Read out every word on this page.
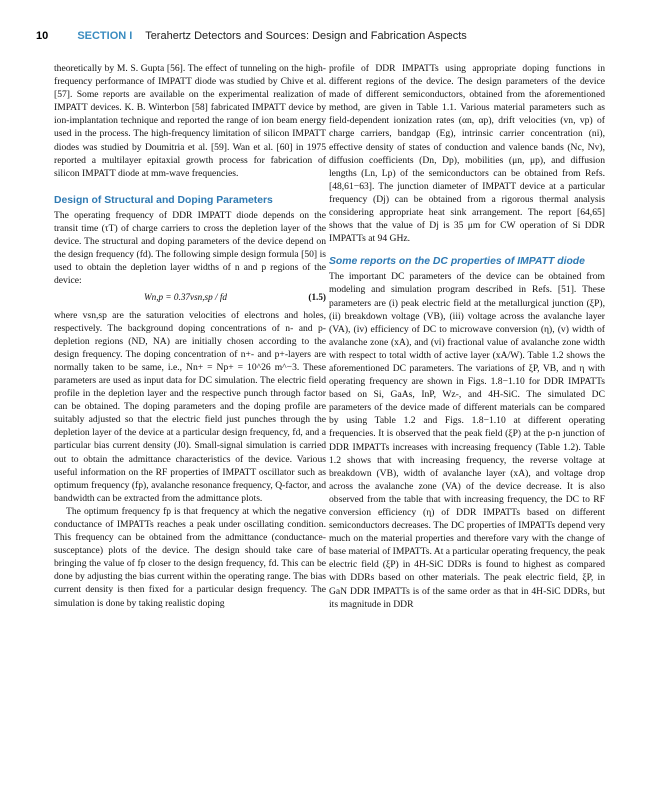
10	SECTION I Terahertz Detectors and Sources: Design and Fabrication Aspects

theoretically by M. S. Gupta [56]. The effect of tunneling on the high-frequency performance of IMPATT diode was studied by Chive et al. [57]. Some reports are available on the experimental realization of IMPATT devices. K. B. Winterbon [58] fabricated IMPATT device by ion-implantation technique and reported the range of ion beam energy used in the process. The high-frequency limitation of silicon IMPATT diodes was studied by Doumitria et al. [59]. Wan et al. [60] in 1975 reported a multilayer epitaxial growth process for fabrication of silicon IMPATT diode at mm-wave frequencies.

Design of Structural and Doping Parameters

The operating frequency of DDR IMPATT diode depends on the transit time (τT) of charge carriers to cross the depletion layer of the device. The structural and doping parameters of the device depend on the design frequency (fd). The following simple design formula [50] is used to obtain the depletion layer widths of n and p regions of the device:

Wn,p = 0.37vsn,sp / fd	(1.5)

where vsn,sp are the saturation velocities of electrons and holes, respectively. The background doping concentrations of n- and p-depletion regions (ND, NA) are initially chosen according to the design frequency. The doping concentration of n+- and p+-layers are normally taken to be same, i.e., Nn+ = Np+ = 10^26 m^−3. These parameters are used as input data for DC simulation. The electric field profile in the depletion layer and the respective punch through factor can be obtained. The doping parameters and the doping profile are suitably adjusted so that the electric field just punches through the depletion layer of the device at a particular design frequency, fd, and a particular bias current density (J0). Small-signal simulation is carried out to obtain the admittance characteristics of the device. Various useful information on the RF properties of IMPATT oscillator such as optimum frequency (fp), avalanche resonance frequency, Q-factor, and bandwidth can be extracted from the admittance plots.

The optimum frequency fp is that frequency at which the negative conductance of IMPATTs reaches a peak under oscillating condition. This frequency can be obtained from the admittance (conductance-susceptance) plots of the device. The design should take care of bringing the value of fp closer to the design frequency, fd. This can be done by adjusting the bias current within the operating range. The bias current density is then fixed for a particular design frequency. The simulation is done by taking realistic doping

profile of DDR IMPATTs using appropriate doping functions in different regions of the device. The design parameters of the device made of different semiconductors, obtained from the aforementioned method, are given in Table 1.1. Various material parameters such as field-dependent ionization rates (αn, αp), drift velocities (vn, vp) of charge carriers, bandgap (Eg), intrinsic carrier concentration (ni), effective density of states of conduction and valence bands (Nc, Nv), diffusion coefficients (Dn, Dp), mobilities (μn, μp), and diffusion lengths (Ln, Lp) of the semiconductors can be obtained from Refs. [48,61−63]. The junction diameter of IMPATT device at a particular frequency (Dj) can be obtained from a rigorous thermal analysis considering appropriate heat sink arrangement. The report [64,65] shows that the value of Dj is 35 μm for CW operation of Si DDR IMPATTs at 94 GHz.

Some reports on the DC properties of IMPATT diode

The important DC parameters of the device can be obtained from modeling and simulation program described in Refs. [51]. These parameters are (i) peak electric field at the metallurgical junction (ξP), (ii) breakdown voltage (VB), (iii) voltage across the avalanche layer (VA), (iv) efficiency of DC to microwave conversion (η), (v) width of avalanche zone (xA), and (vi) fractional value of avalanche zone width with respect to total width of active layer (xA/W). Table 1.2 shows the aforementioned DC parameters. The variations of ξP, VB, and η with operating frequency are shown in Figs. 1.8−1.10 for DDR IMPATTs based on Si, GaAs, InP, Wz-, and 4H-SiC. The simulated DC parameters of the device made of different materials can be compared by using Table 1.2 and Figs. 1.8−1.10 at different operating frequencies. It is observed that the peak field (ξP) at the p-n junction of DDR IMPATTs increases with increasing frequency (Table 1.2). Table 1.2 shows that with increasing frequency, the reverse voltage at breakdown (VB), width of avalanche layer (xA), and voltage drop across the avalanche zone (VA) of the device decrease. It is also observed from the table that with increasing frequency, the DC to RF conversion efficiency (η) of DDR IMPATTs based on different semiconductors decreases. The DC properties of IMPATTs depend very much on the material properties and therefore vary with the change of base material of IMPATTs. At a particular operating frequency, the peak electric field (ξP) in 4H-SiC DDRs is found to highest as compared with DDRs based on other materials. The peak electric field, ξP, in GaN DDR IMPATTs is of the same order as that in 4H-SiC DDRs, but its magnitude in DDR
